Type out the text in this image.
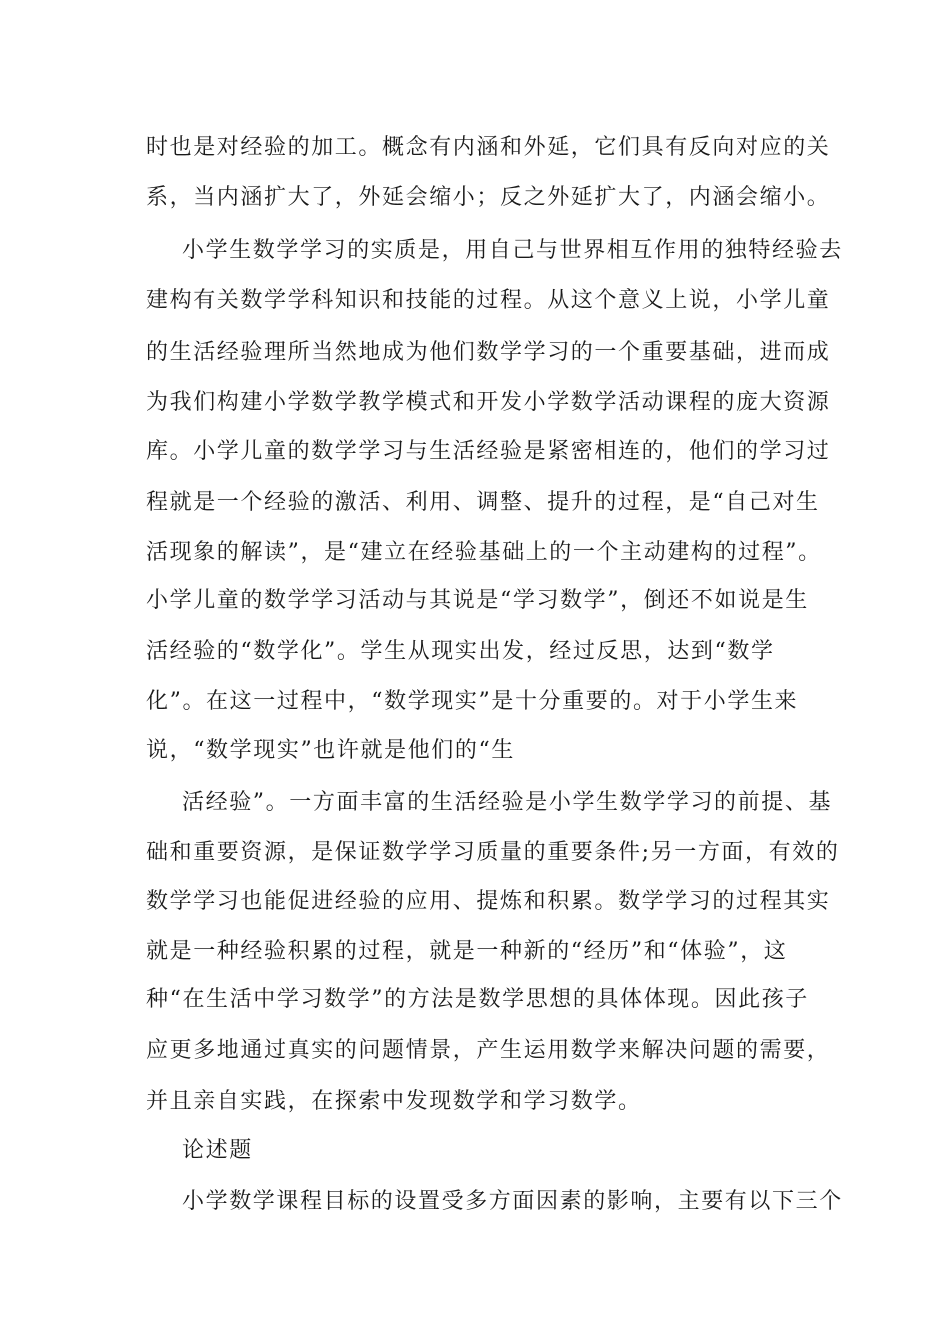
时也是对经验的加工。概念有内涵和外延，它们具有反向对应的关
系，当内涵扩大了，外延会缩小；反之外延扩大了，内涵会缩小。
小学生数学学习的实质是，用自己与世界相互作用的独特经验去
建构有关数学学科知识和技能的过程。从这个意义上说，小学儿童
的生活经验理所当然地成为他们数学学习的一个重要基础，进而成
为我们构建小学数学教学模式和开发小学数学活动课程的庞大资源
库。小学儿童的数学学习与生活经验是紧密相连的，他们的学习过
程就是一个经验的激活、利用、调整、提升的过程，是“自己对生
活现象的解读”，是“建立在经验基础上的一个主动建构的过程”。
小学儿童的数学学习活动与其说是“学习数学”，倒还不如说是生
活经验的“数学化”。学生从现实出发，经过反思，达到“数学
化”。在这一过程中，“数学现实”是十分重要的。对于小学生来
说，“数学现实”也许就是他们的“生
活经验”。一方面丰富的生活经验是小学生数学学习的前提、基
础和重要资源，是保证数学学习质量的重要条件;另一方面，有效的
数学学习也能促进经验的应用、提炼和积累。数学学习的过程其实
就是一种经验积累的过程，就是一种新的“经历”和“体验”，这
种“在生活中学习数学”的方法是数学思想的具体体现。因此孩子
应更多地通过真实的问题情景，产生运用数学来解决问题的需要，
并且亲自实践，在探索中发现数学和学习数学。
论述题
小学数学课程目标的设置受多方面因素的影响，主要有以下三个
